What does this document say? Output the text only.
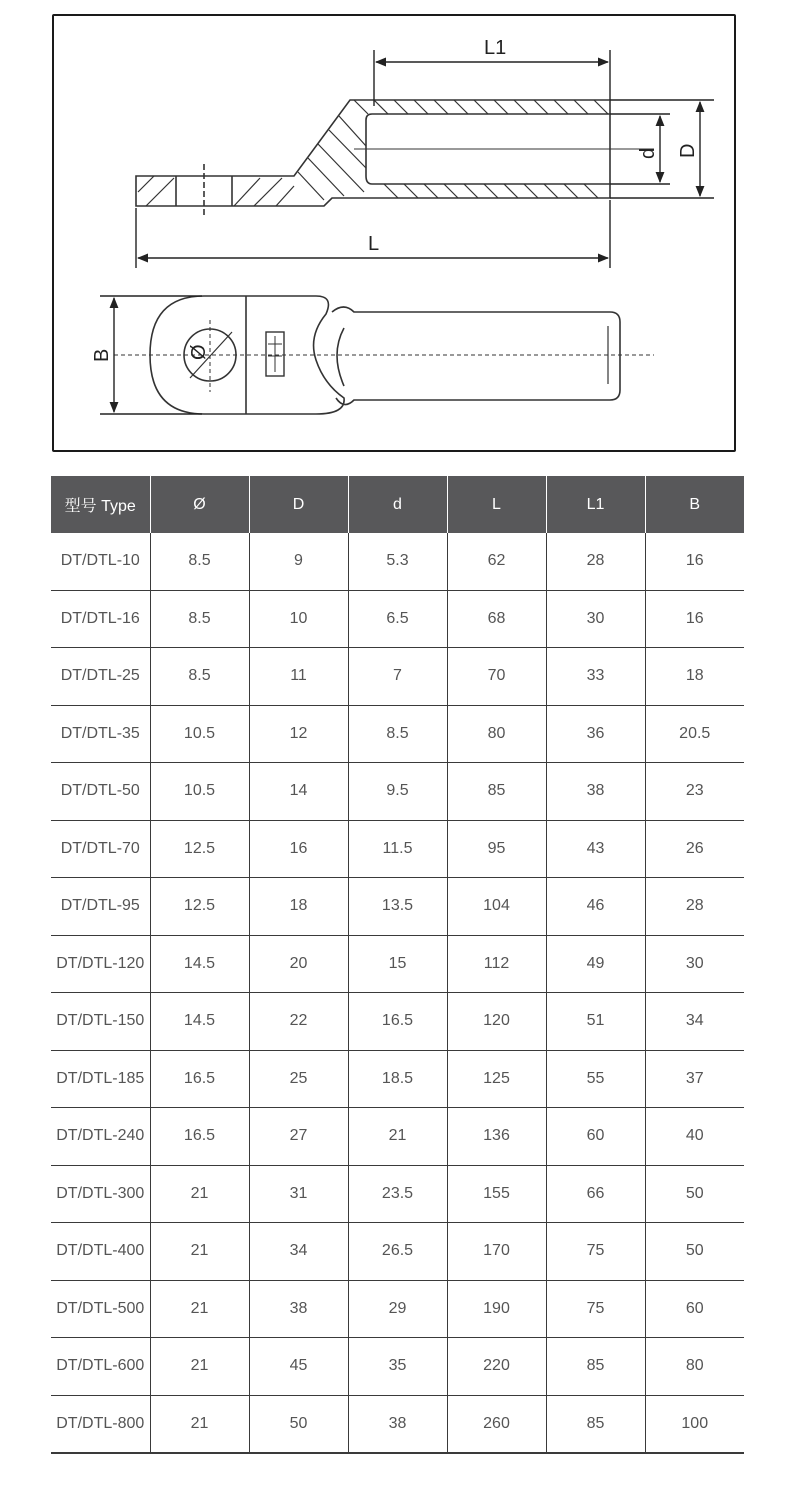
L1
L
d D
Ø
B
型号 Type	Ø	D	d	L	L1	B
DT/DTL-10	8.5	9	5.3	62	28	16
DT/DTL-16	8.5	10	6.5	68	30	16
DT/DTL-25	8.5	11	7	70	33	18
DT/DTL-35	10.5	12	8.5	80	36	20.5
DT/DTL-50	10.5	14	9.5	85	38	23
DT/DTL-70	12.5	16	11.5	95	43	26
DT/DTL-95	12.5	18	13.5	104	46	28
DT/DTL-120	14.5	20	15	112	49	30
DT/DTL-150	14.5	22	16.5	120	51	34
DT/DTL-185	16.5	25	18.5	125	55	37
DT/DTL-240	16.5	27	21	136	60	40
DT/DTL-300	21	31	23.5	155	66	50
DT/DTL-400	21	34	26.5	170	75	50
DT/DTL-500	21	38	29	190	75	60
DT/DTL-600	21	45	35	220	85	80
DT/DTL-800	21	50	38	260	85	100
